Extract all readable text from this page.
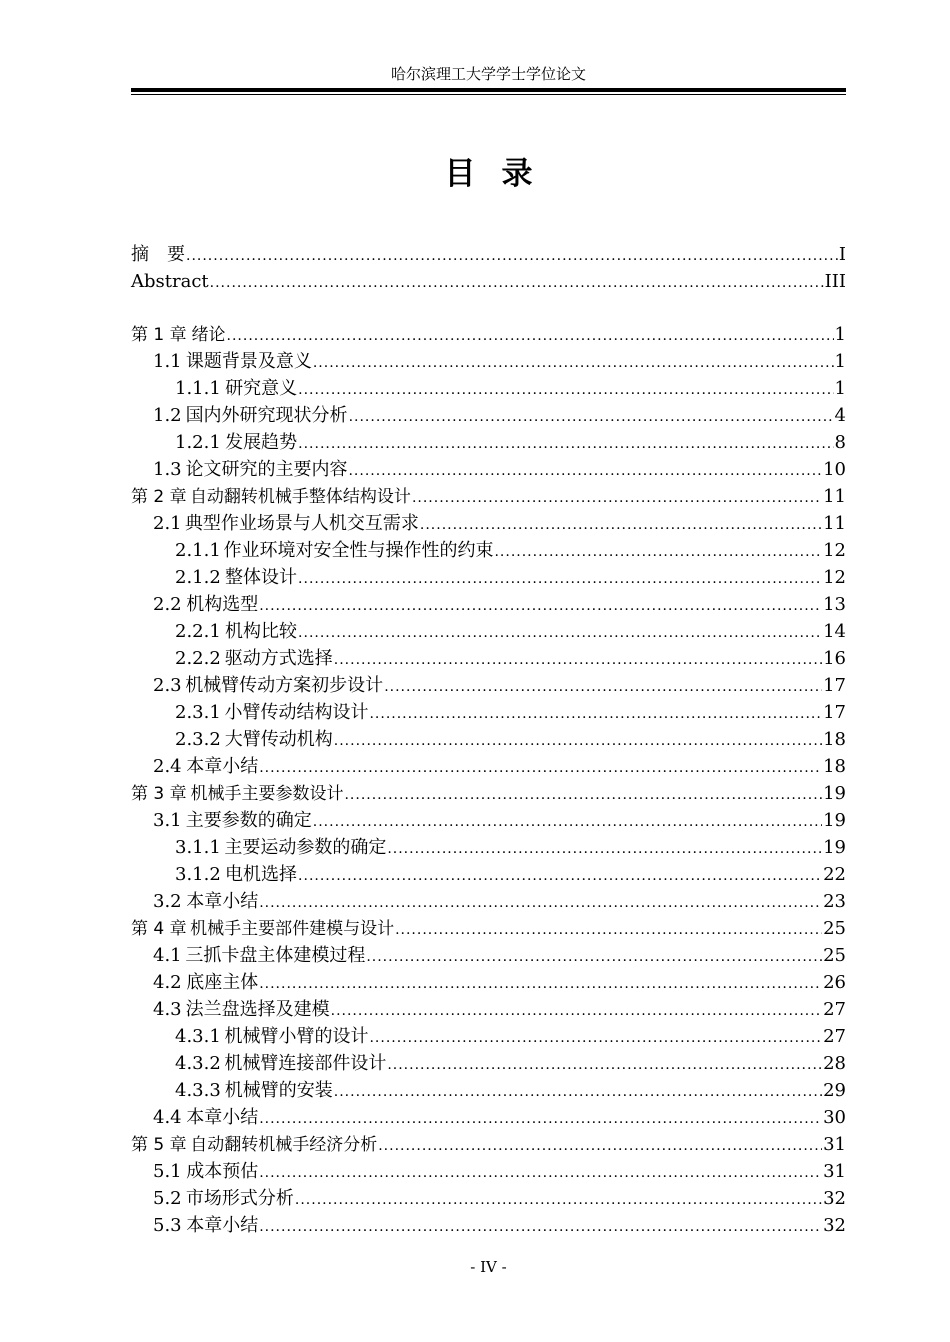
哈尔滨理工大学学士学位论文
目录
摘　要 .....	I
Abstract .....	III
第 1 章 绪论 .....	1
1.1 课题背景及意义 .....	1
1.1.1 研究意义 .....	1
1.2 国内外研究现状分析 .....	4
1.2.1 发展趋势 .....	8
1.3 论文研究的主要内容 .....	10
第 2 章 自动翻转机械手整体结构设计 .....	11
2.1 典型作业场景与人机交互需求 .....	11
2.1.1 作业环境对安全性与操作性的约束 .....	12
2.1.2 整体设计 .....	12
2.2 机构选型 .....	13
2.2.1 机构比较 .....	14
2.2.2 驱动方式选择 .....	16
2.3 机械臂传动方案初步设计 .....	17
2.3.1 小臂传动结构设计 .....	17
2.3.2 大臂传动机构 .....	18
2.4 本章小结 .....	18
第 3 章 机械手主要参数设计 .....	19
3.1 主要参数的确定 .....	19
3.1.1 主要运动参数的确定 .....	19
3.1.2 电机选择 .....	22
3.2 本章小结 .....	23
第 4 章 机械手主要部件建模与设计 .....	25
4.1 三抓卡盘主体建模过程 .....	25
4.2 底座主体 .....	26
4.3 法兰盘选择及建模 .....	27
4.3.1 机械臂小臂的设计 .....	27
4.3.2 机械臂连接部件设计 .....	28
4.3.3 机械臂的安装 .....	29
4.4 本章小结 .....	30
第 5 章 自动翻转机械手经济分析 .....	31
5.1 成本预估 .....	31
5.2 市场形式分析 .....	32
5.3 本章小结 .....	32
- IV -
